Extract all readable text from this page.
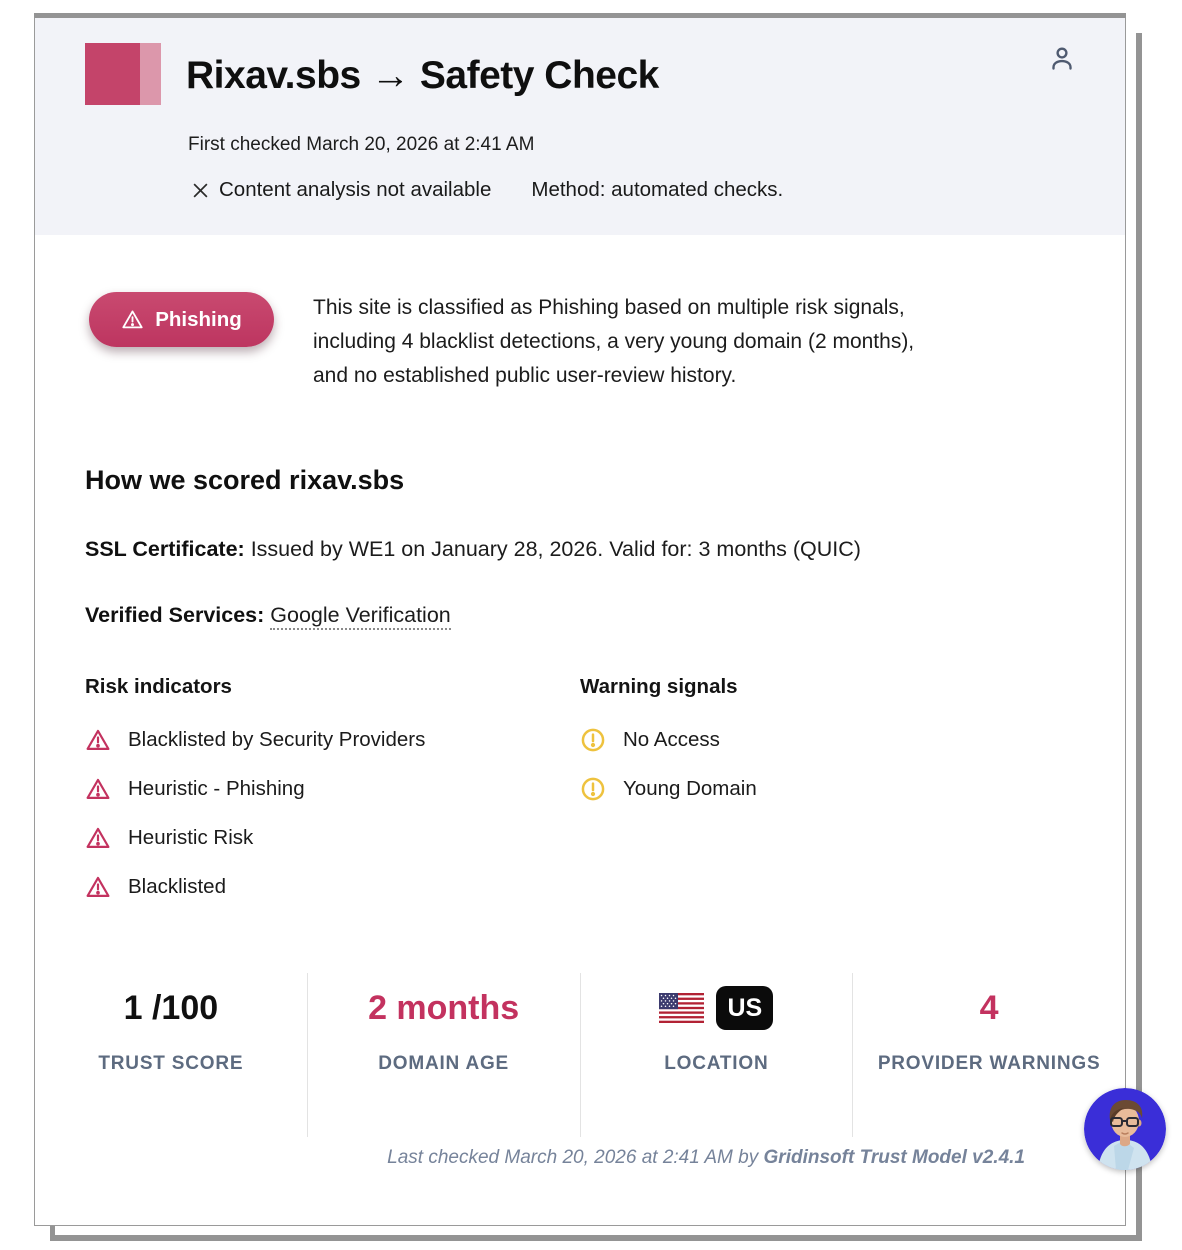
Rixav.sbs → Safety Check
First checked March 20, 2026 at 2:41 AM
Content analysis not available Method: automated checks.
Phishing	This site is classified as Phishing based on multiple risk signals,
including 4 blacklist detections, a very young domain (2 months),
and no established public user-review history.
How we scored rixav.sbs
SSL Certificate: Issued by WE1 on January 28, 2026. Valid for: 3 months (QUIC)
Verified Services: Google Verification
Risk indicators
Blacklisted by Security Providers
Heuristic - Phishing
Heuristic Risk
Blacklisted
Warning signals
No Access
Young Domain
1 /100
TRUST SCORE
2 months
DOMAIN AGE
US
LOCATION
4
PROVIDER WARNINGS
Last checked March 20, 2026 at 2:41 AM by Gridinsoft Trust Model v2.4.1
